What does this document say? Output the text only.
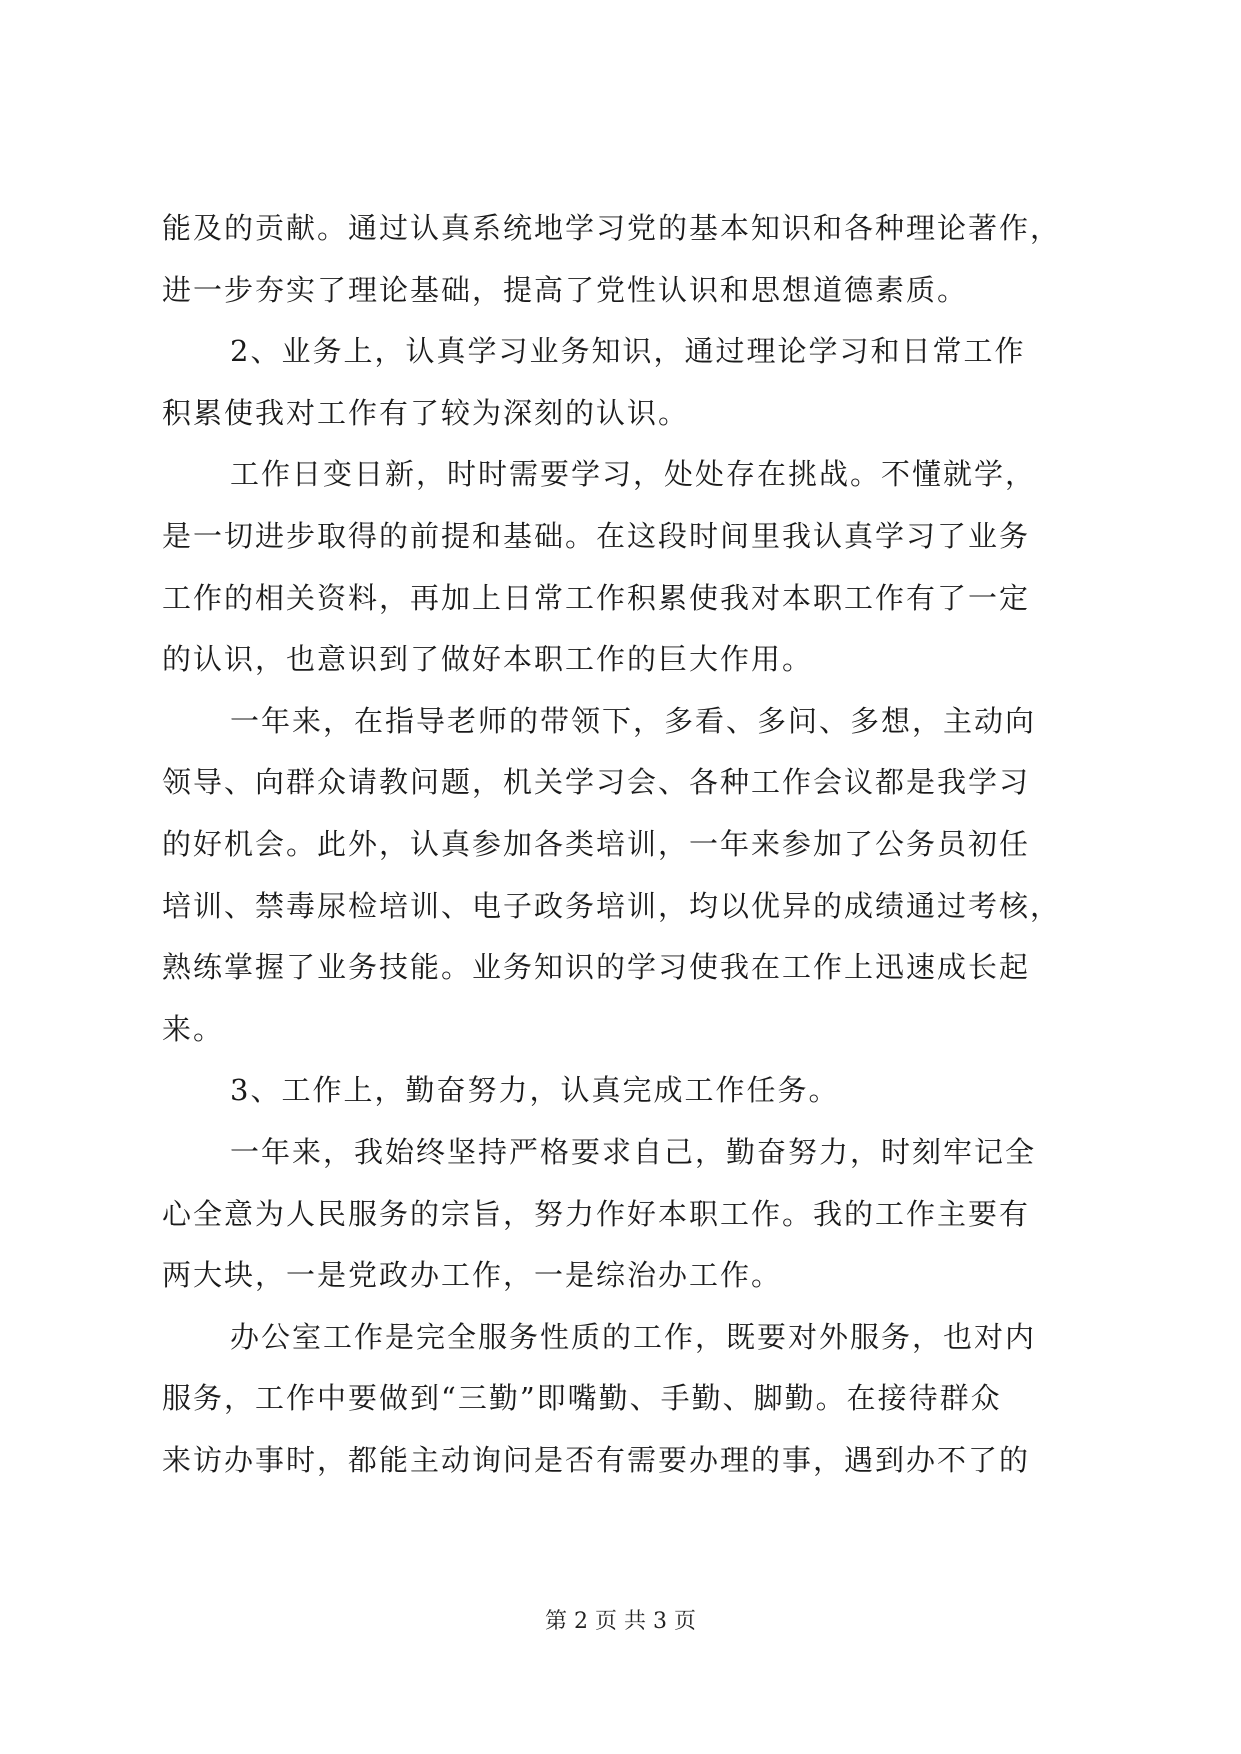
能及的贡献。通过认真系统地学习党的基本知识和各种理论著作，
进一步夯实了理论基础，提高了党性认识和思想道德素质。
2、业务上，认真学习业务知识，通过理论学习和日常工作
积累使我对工作有了较为深刻的认识。
工作日变日新，时时需要学习，处处存在挑战。不懂就学，
是一切进步取得的前提和基础。在这段时间里我认真学习了业务
工作的相关资料，再加上日常工作积累使我对本职工作有了一定
的认识，也意识到了做好本职工作的巨大作用。
一年来，在指导老师的带领下，多看、多问、多想，主动向
领导、向群众请教问题，机关学习会、各种工作会议都是我学习
的好机会。此外，认真参加各类培训，一年来参加了公务员初任
培训、禁毒尿检培训、电子政务培训，均以优异的成绩通过考核，
熟练掌握了业务技能。业务知识的学习使我在工作上迅速成长起
来。
3、工作上，勤奋努力，认真完成工作任务。
一年来，我始终坚持严格要求自己，勤奋努力，时刻牢记全
心全意为人民服务的宗旨，努力作好本职工作。我的工作主要有
两大块，一是党政办工作，一是综治办工作。
办公室工作是完全服务性质的工作，既要对外服务，也对内
服务，工作中要做到“三勤”即嘴勤、手勤、脚勤。在接待群众
来访办事时，都能主动询问是否有需要办理的事，遇到办不了的
第 2 页 共 3 页
